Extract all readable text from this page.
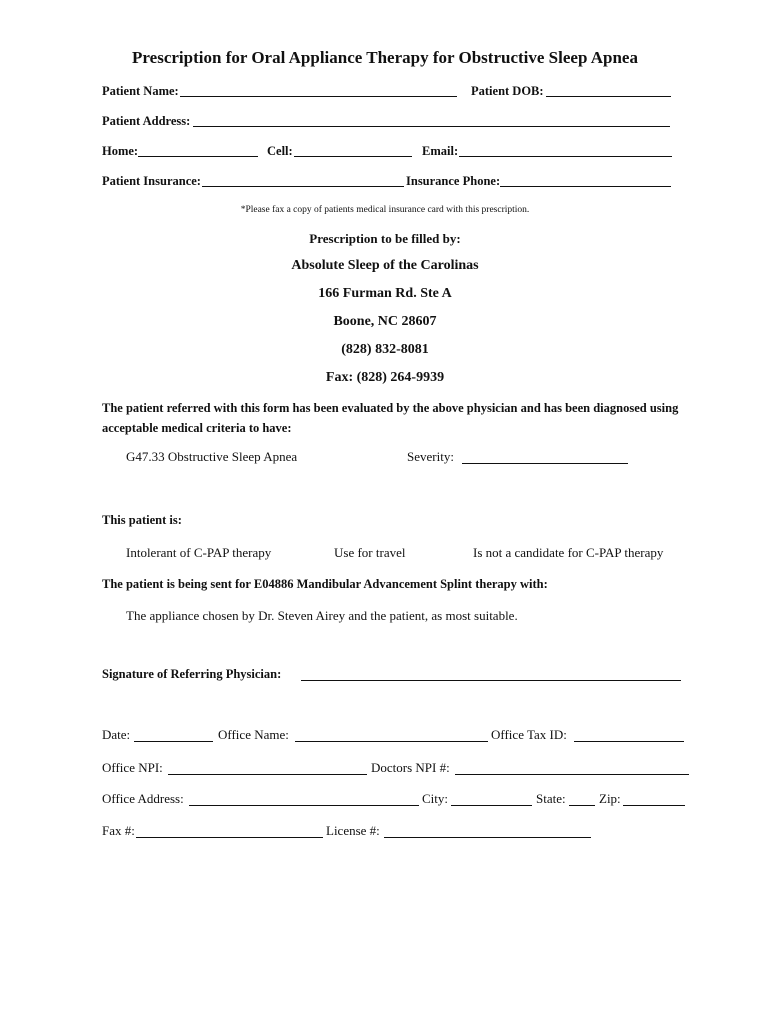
Prescription for Oral Appliance Therapy for Obstructive Sleep Apnea
Patient Name:	Patient DOB:
Patient Address:
Home:	Cell:	Email:
Patient Insurance:	Insurance Phone:
*Please fax a copy of patients medical insurance card with this prescription.
Prescription to be filled by:
Absolute Sleep of the Carolinas
166 Furman Rd. Ste A
Boone, NC 28607
(828) 832-8081
Fax: (828) 264-9939
The patient referred with this form has been evaluated by the above physician and has been diagnosed using acceptable medical criteria to have:
G47.33 Obstructive Sleep Apnea	Severity:
This patient is:
Intolerant of C-PAP therapy	Use for travel	Is not a candidate for C-PAP therapy
The patient is being sent for E04886 Mandibular Advancement Splint therapy with:
The appliance chosen by Dr. Steven Airey and the patient, as most suitable.
Signature of Referring Physician:
Date:	Office Name:	Office Tax ID:
Office NPI:	Doctors NPI #:
Office Address:	City:	State:	Zip:
Fax #:	License #:
